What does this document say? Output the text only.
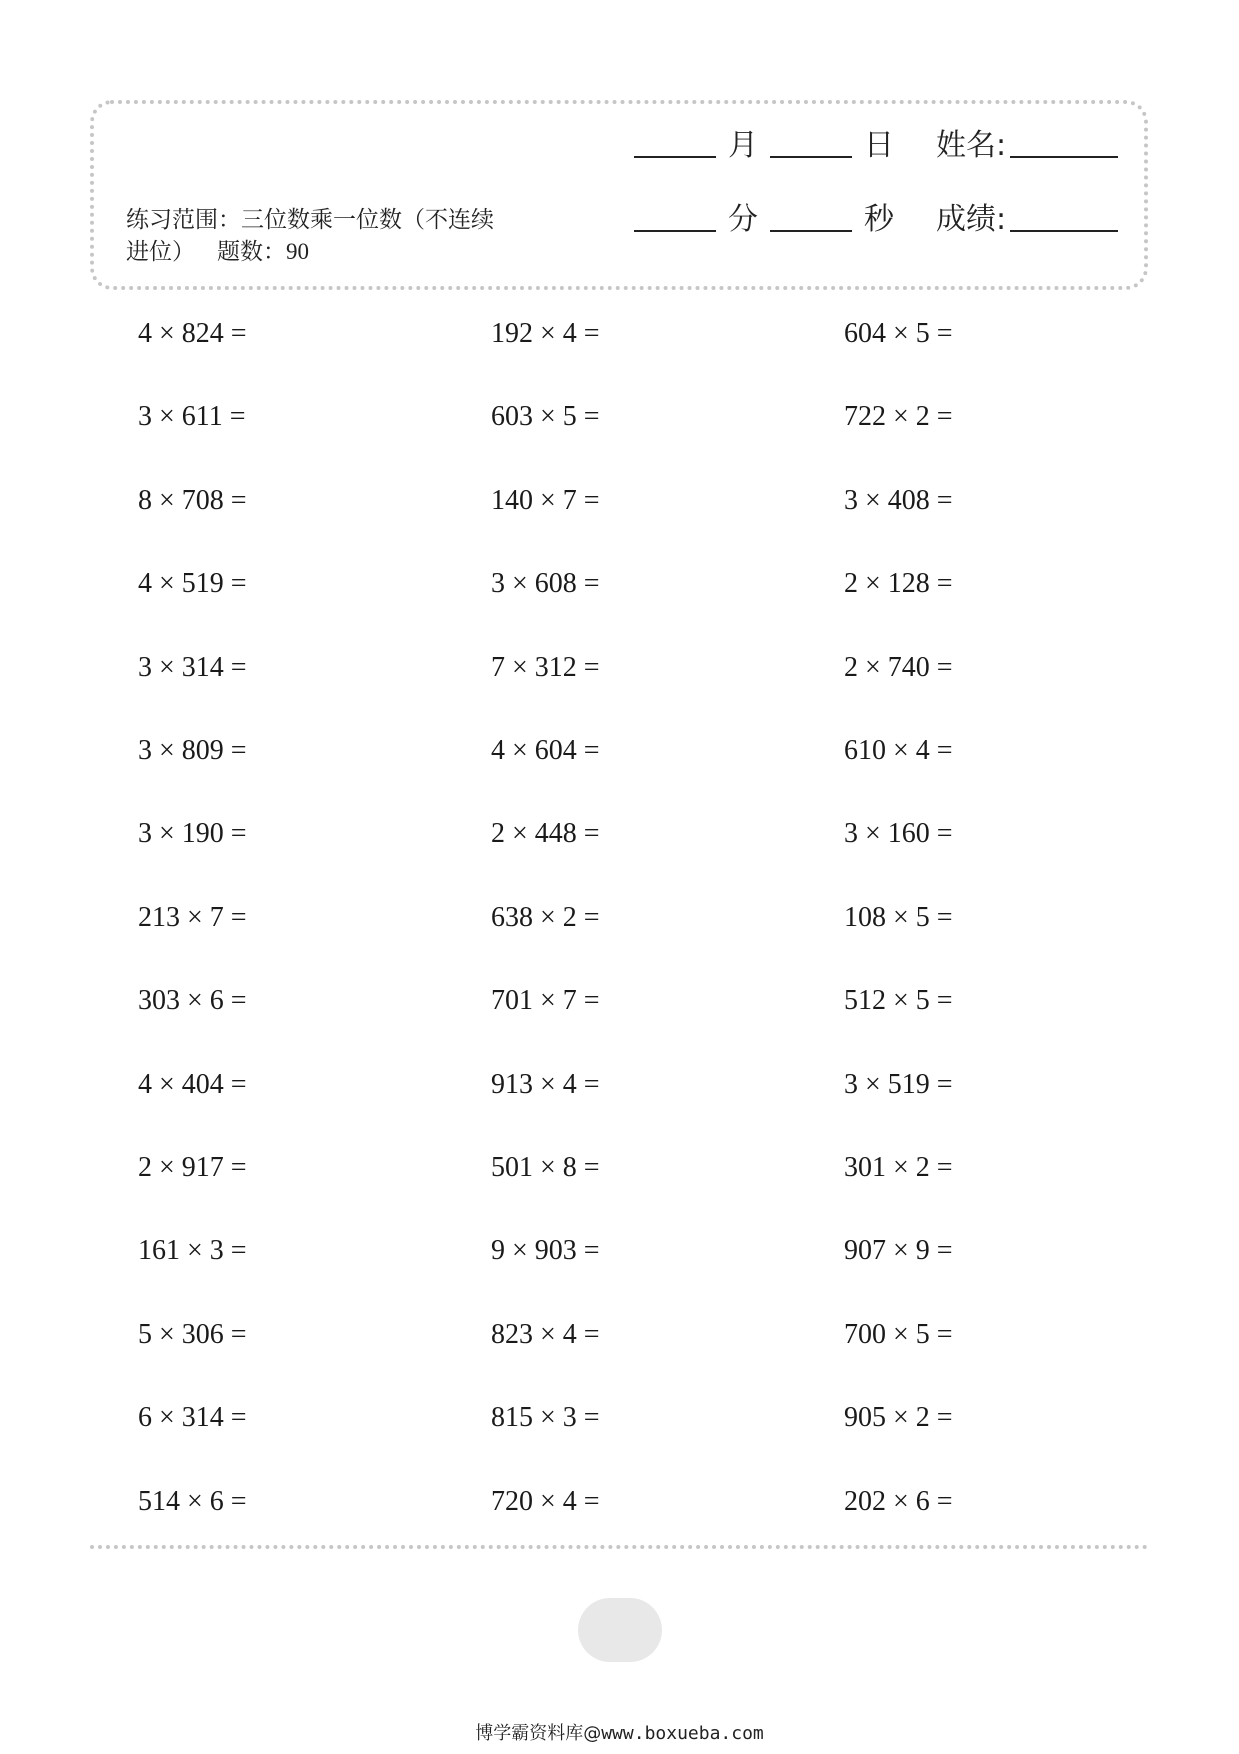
练习范围：三位数乘一位数（不连续进位） 题数：90
月	日 姓名:
分	秒 成绩:
4 × 824 =
3 × 611 =
8 × 708 =
4 × 519 =
3 × 314 =
3 × 809 =
3 × 190 =
213 × 7 =
303 × 6 =
4 × 404 =
2 × 917 =
161 × 3 =
5 × 306 =
6 × 314 =
514 × 6 =
192 × 4 =
603 × 5 =
140 × 7 =
3 × 608 =
7 × 312 =
4 × 604 =
2 × 448 =
638 × 2 =
701 × 7 =
913 × 4 =
501 × 8 =
9 × 903 =
823 × 4 =
815 × 3 =
720 × 4 =
604 × 5 =
722 × 2 =
3 × 408 =
2 × 128 =
2 × 740 =
610 × 4 =
3 × 160 =
108 × 5 =
512 × 5 =
3 × 519 =
301 × 2 =
907 × 9 =
700 × 5 =
905 × 2 =
202 × 6 =
博学霸资料库@www.boxueba.com
